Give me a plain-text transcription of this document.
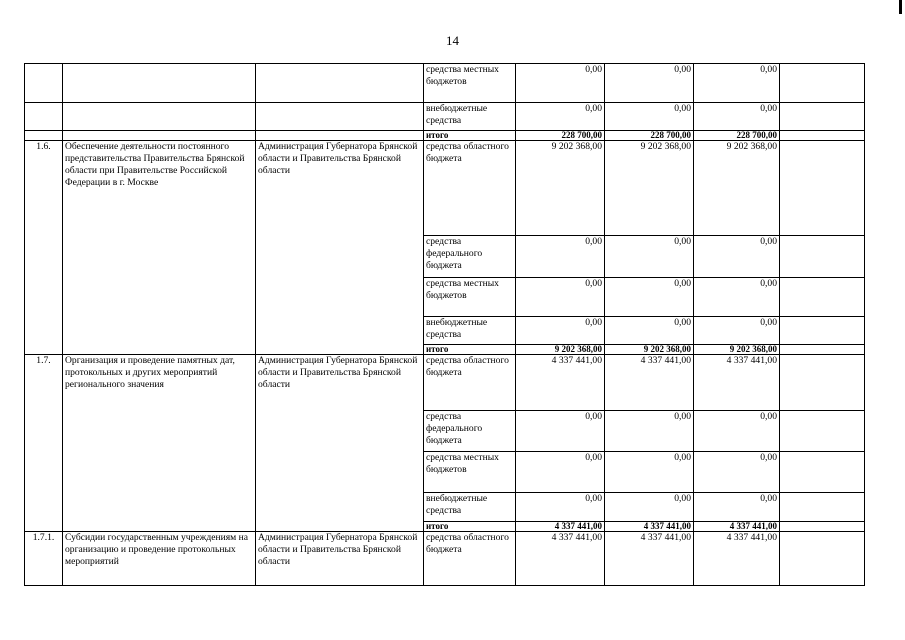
14
			средства местных бюджетов	0,00	0,00	0,00	
			внебюджетные средства	0,00	0,00	0,00	
			итого	228 700,00	228 700,00	228 700,00	
1.6.	Обеспечение деятельности постоянного представительства Правительства Брянской области при Правительстве Российской Федерации в г. Москве	Администрация Губернатора Брянской области и Правительства Брянской области	средства областного бюджета	9 202 368,00	9 202 368,00	9 202 368,00	
			средства федерального бюджета	0,00	0,00	0,00	
			средства местных бюджетов	0,00	0,00	0,00	
			внебюджетные средства	0,00	0,00	0,00	
			итого	9 202 368,00	9 202 368,00	9 202 368,00	
1.7.	Организация и проведение памятных дат, протокольных и других мероприятий регионального значения	Администрация Губернатора Брянской области и Правительства Брянской области	средства областного бюджета	4 337 441,00	4 337 441,00	4 337 441,00	
			средства федерального бюджета	0,00	0,00	0,00	
			средства местных бюджетов	0,00	0,00	0,00	
			внебюджетные средства	0,00	0,00	0,00	
			итого	4 337 441,00	4 337 441,00	4 337 441,00	
1.7.1.	Субсидии государственным учреждениям на организацию и проведение протокольных мероприятий	Администрация Губернатора Брянской области и Правительства Брянской области	средства областного бюджета	4 337 441,00	4 337 441,00	4 337 441,00	
